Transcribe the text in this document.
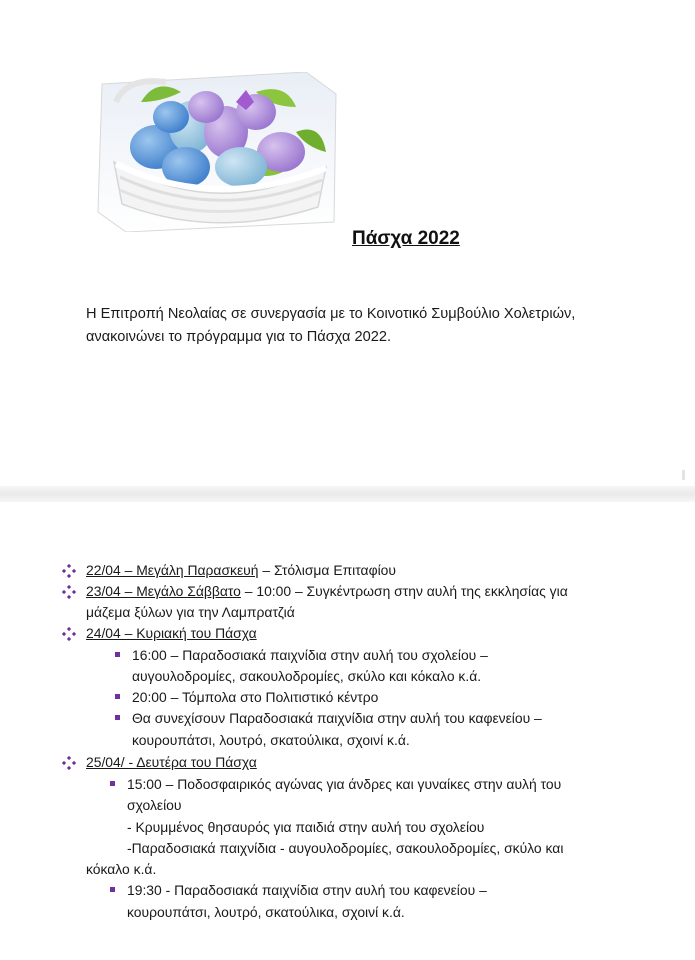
Πάσχα 2022
Η Επιτροπή Νεολαίας σε συνεργασία με το Κοινοτικό Συμβούλιο Χολετριών,
ανακοινώνει το πρόγραμμα για το Πάσχα 2022.
22/04 – Μεγάλη Παρασκευή – Στόλισμα Επιταφίου
23/04 – Μεγάλο Σάββατο – 10:00 – Συγκέντρωση στην αυλή της εκκλησίας για
μάζεμα ξύλων για την Λαμπρατζιά
24/04 – Κυριακή του Πάσχα
16:00 – Παραδοσιακά παιχνίδια στην αυλή του σχολείου –
αυγουλοδρομίες, σακουλοδρομίες, σκύλο και κόκαλο κ.ά.
20:00 – Τόμπολα στο Πολιτιστικό κέντρο
Θα συνεχίσουν Παραδοσιακά παιχνίδια στην αυλή του καφενείου –
κουρουπάτσι, λουτρό, σκατούλικα, σχοινί κ.ά.
25/04/ - Δευτέρα του Πάσχα
15:00 – Ποδοσφαιρικός αγώνας για άνδρες και γυναίκες στην αυλή του
σχολείου
- Κρυμμένος θησαυρός για παιδιά στην αυλή του σχολείου
-Παραδοσιακά παιχνίδια - αυγουλοδρομίες, σακουλοδρομίες, σκύλο και
κόκαλο κ.ά.
19:30 - Παραδοσιακά παιχνίδια στην αυλή του καφενείου –
κουρουπάτσι, λουτρό, σκατούλικα, σχοινί κ.ά.
